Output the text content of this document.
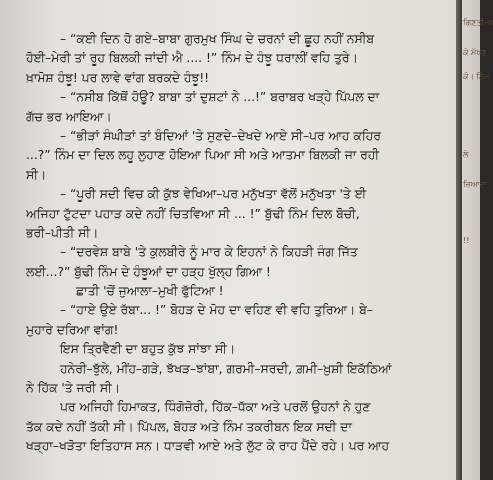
– “ਕਈ ਦਿਨ ਹੋ ਗਏ–ਬਾਬਾ ਗੁਰਮੁਖ ਸਿੰਘ ਦੇ ਚਰਨਾਂ ਦੀ ਛੂਹ ਨਹੀਂ ਨਸੀਬ
ਹੋਈ–ਮੇਰੀ ਤਾਂ ਰੂਹ ਬਿਲਕੀ ਜਾਂਦੀ ਐ .... !” ਨਿੰਮ ਦੇ ਹੰਝੂ ਧਰਾਲੀਂ ਵਹਿ ਤੁਰੇ।
ਖ਼ਾਮੋਸ਼ ਹੰਝੂ! ਪਰ ਲਾਵੇ ਵਾਂਗ ਬਰਕਦੇ ਹੰਝੂ!!
– “ਨਸੀਬ ਕਿੱਥੋਂ ਹੋਊ? ਬਾਬਾ ਤਾਂ ਦੁਸ਼ਟਾਂ ਨੇ ...!” ਬਰਾਬਰ ਖੜ੍ਹੇ ਪਿੱਪਲ ਦਾ
ਗੱਚ ਭਰ ਆਇਆ।
– “ਭੀੜਾਂ ਸੰਘੀੜਾਂ ਤਾਂ ਬੰਦਿਆਂ 'ਤੇ ਸੁਣਦੇ–ਦੇਖਦੇ ਆਏ ਸੀ–ਪਰ ਆਹ ਕਹਿਰ
...?” ਨਿੰਮ ਦਾ ਦਿਲ ਲਹੂ ਲੁਹਾਣ ਹੋਇਆ ਪਿਆ ਸੀ ਅਤੇ ਆਤਮਾ ਬਿਲਕੀ ਜਾ ਰਹੀ
ਸੀ।
– “ਪੂਰੀ ਸਦੀ ਵਿਚ ਕੀ ਕੁੱਝ ਵੇਖਿਆ–ਪਰ ਮਨੁੱਖਤਾ ਵੱਲੋਂ ਮਨੁੱਖਤਾ 'ਤੇ ਈ
ਅਜਿਹਾ ਟੁੱਟਦਾ ਪਹਾੜ ਕਦੇ ਨਹੀਂ ਚਿਤਵਿਆ ਸੀ ... !” ਬੁੱਢੀ ਨਿੰਮ ਦਿਲ ਬੋਚੀ,
ਭਰੀ–ਪੀਤੀ ਸੀ।
– “ਦਰਵੇਸ਼ ਬਾਬੇ 'ਤੇ ਕੁਲਬੀਰੇ ਨੂੰ ਮਾਰ ਕੇ ਇਹਨਾਂ ਨੇ ਕਿਹੜੀ ਜੰਗ ਜਿੱਤ
ਲਈ...?” ਬੁੱਢੀ ਨਿੰਮ ਦੇ ਹੰਝੂਆਂ ਦਾ ਹੜ੍ਹ ਖੁੱਲ੍ਹ ਗਿਆ !
ਛਾਤੀ 'ਚੋਂ ਜੁਆਲਾ–ਮੁਖੀ ਫੁੱਟਿਆ !
– “ਹਾਏ ਉਏ ਰੱਬਾ... !” ਬੋਹੜ ਦੇ ਮੋਹ ਦਾ ਵਹਿਣ ਵੀ ਵਹਿ ਤੁਰਿਆ। ਬੇ–
ਮੁਹਾਰੇ ਦਰਿਆ ਵਾਂਗ!
ਇਸ ਤ੍ਰਿਵੈਣੀ ਦਾ ਬਹੁਤ ਕੁੱਝ ਸਾਂਝਾ ਸੀ।
ਹਨੇਰੀ–ਝੁੱਲੇ, ਮੀਂਹ–ਗੜੇ, ਝੱਖੜ–ਝਾਂਬਾ, ਗਰਮੀ–ਸਰਦੀ, ਗ਼ਮੀ–ਖ਼ੁਸ਼ੀ ਇਕੱਠਿਆਂ
ਨੇ ਹਿੱਕ 'ਤੇ ਜਰੀ ਸੀ।
ਪਰ ਅਜਿਹੀ ਹਿਮਾਕਤ, ਧਿੰਗੋਜ਼ੋਰੀ, ਹਿੱਕ–ਧੱਕਾ ਅਤੇ ਪਰਲੋਂ ਉਹਨਾਂ ਨੇ ਹੁਣ
ਤੱਕ ਕਦੇ ਨਹੀਂ ਤੱਕੀ ਸੀ। ਪਿੱਪਲ, ਬੋਹੜ ਅਤੇ ਨਿੰਮ ਤਕਰੀਬਨ ਇਕ ਸਦੀ ਦਾ
ਖੜ੍ਹਾ–ਖੜੋਤਾ ਇਤਿਹਾਸ ਸਨ। ਧਾੜਵੀ ਆਏ ਅਤੇ ਲੁੱਟ ਕੇ ਰਾਹ ਪੈਂਦੇ ਰਹੇ। ਪਰ ਆਹ
ਗਿਣਤੀ–ਮ
ਕੇ ਮੱਖਣ
ਕੋ। ਨਿੰਮ
ਲੇ
ਜ਼ਿਆਦਾ
!!
